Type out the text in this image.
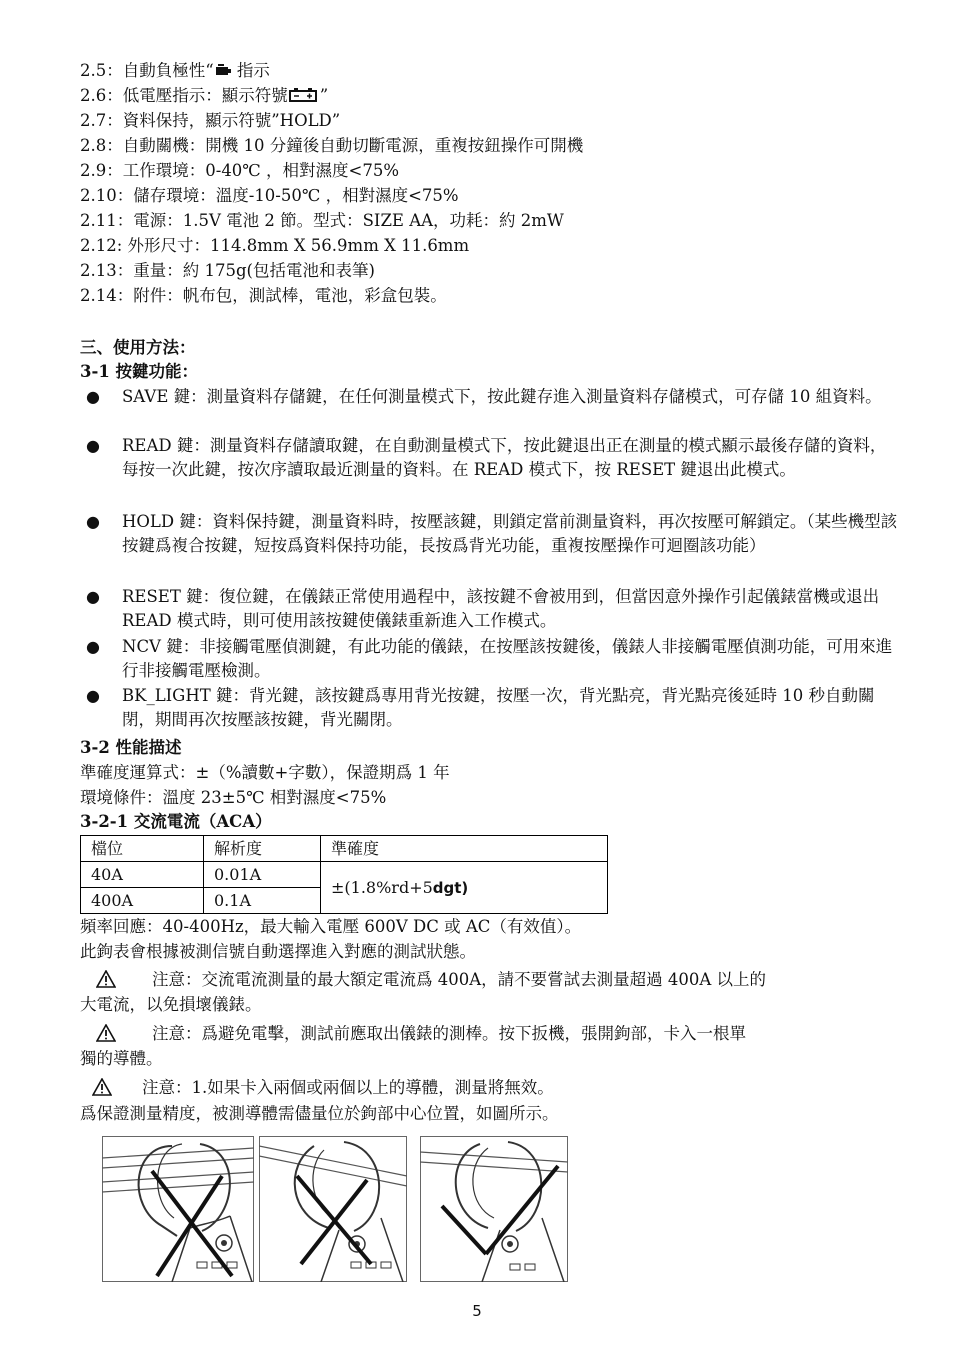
2.5：自動負極性“ 指示
2.6：低電壓指示：顯示符號 ”
2.7：資料保持，顯示符號”HOLD”
2.8：自動關機：開機 10 分鐘後自動切斷電源，重複按鈕操作可開機
2.9：工作環境：0-40℃ ，相對濕度<75%
2.10：儲存環境：溫度-10-50℃ ，相對濕度<75%
2.11：電源：1.5V 電池 2 節。型式：SIZE AA，功耗：約 2mW
2.12: 外形尺寸：114.8mm X 56.9mm X 11.6mm
2.13：重量：約 175g(包括電池和表筆)
2.14：附件：帆布包，測試棒，電池，彩盒包裝。
三、使用方法：
3-1 按鍵功能：
● SAVE 鍵：測量資料存儲鍵，在任何測量模式下，按此鍵存進入測量資料存儲模式，可存儲 10 組資料。
● READ 鍵：測量資料存儲讀取鍵，在自動測量模式下，按此鍵退出正在測量的模式顯示最後存儲的資料，每按一次此鍵，按次序讀取最近測量的資料。在 READ 模式下，按 RESET 鍵退出此模式。
● HOLD 鍵：資料保持鍵，測量資料時，按壓該鍵，則鎖定當前測量資料，再次按壓可解鎖定。（某些機型該按鍵爲複合按鍵，短按爲資料保持功能，長按爲背光功能，重複按壓操作可迴圈該功能）
● RESET 鍵：復位鍵，在儀錶正常使用過程中，該按鍵不會被用到，但當因意外操作引起儀錶當機或退出 READ 模式時，則可使用該按鍵使儀錶重新進入工作模式。
● NCV 鍵：非接觸電壓偵測鍵，有此功能的儀錶，在按壓該按鍵後，儀錶人非接觸電壓偵測功能，可用來進行非接觸電壓檢測。
● BK_LIGHT 鍵：背光鍵，該按鍵爲專用背光按鍵，按壓一次，背光點亮，背光點亮後延時 10 秒自動關閉，期間再次按壓該按鍵，背光關閉。
3-2 性能描述
準確度運算式：±（%讀數+字數），保證期爲 1 年
環境條件：溫度 23±5℃ 相對濕度<75%
3-2-1 交流電流（ACA）
檔位	解析度	準確度
40A	0.01A	±(1.8%rd+5dgt)
400A	0.1A	
頻率回應：40-400Hz，最大輸入電壓 600V DC 或 AC（有效值）。
此鉤表會根據被測信號自動選擇進入對應的測試狀態。
注意：交流電流測量的最大額定電流爲 400A，請不要嘗試去測量超過 400A 以上的
大電流，以免損壞儀錶。
注意：爲避免電擊，測試前應取出儀錶的測棒。按下扳機，張開鉤部，卡入一根單
獨的導體。
注意：1.如果卡入兩個或兩個以上的導體，測量將無效。
爲保證測量精度，被測導體需儘量位於鉤部中心位置，如圖所示。
5
